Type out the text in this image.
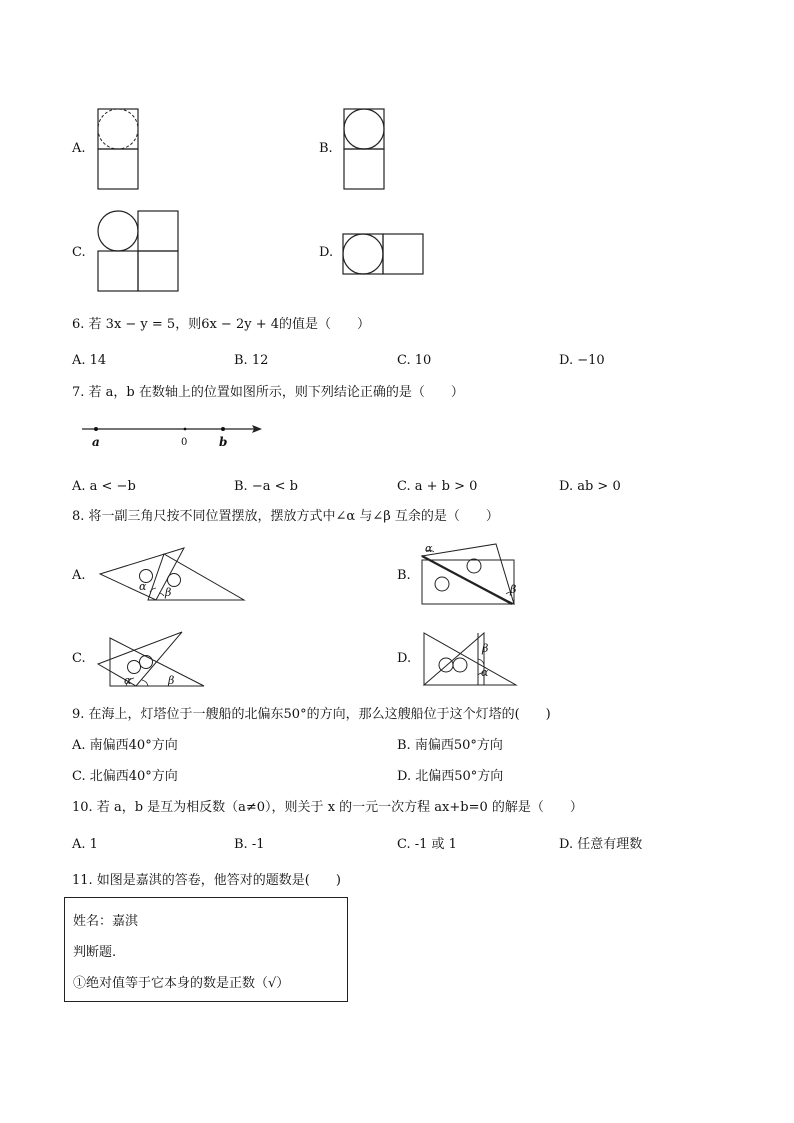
A.	B.
C.	D.
6. 若 3x − y = 5，则6x − 2y + 4的值是（　　）
A. 14	B. 12	C. 10	D. −10
7. 若 a，b 在数轴上的位置如图所示，则下列结论正确的是（　　）
a	0	b
A. a < −b	B. −a < b	C. a + b > 0	D. ab > 0
8. 将一副三角尺按不同位置摆放，摆放方式中∠α 与∠β 互余的是（　　）
A.
α β
B.
α
β
C.
α	β
D.
β
α
9. 在海上，灯塔位于一艘船的北偏东50°的方向，那么这艘船位于这个灯塔的(　　)
A. 南偏西40°方向	B. 南偏西50°方向
C. 北偏西40°方向	D. 北偏西50°方向
10. 若 a，b 是互为相反数（a≠0），则关于 x 的一元一次方程 ax+b=0 的解是（　　）
A. 1	B. -1	C. -1 或 1	D. 任意有理数
11. 如图是嘉淇的答卷，他答对的题数是(　　)
姓名：嘉淇
判断题.
①绝对值等于它本身的数是正数（√）
